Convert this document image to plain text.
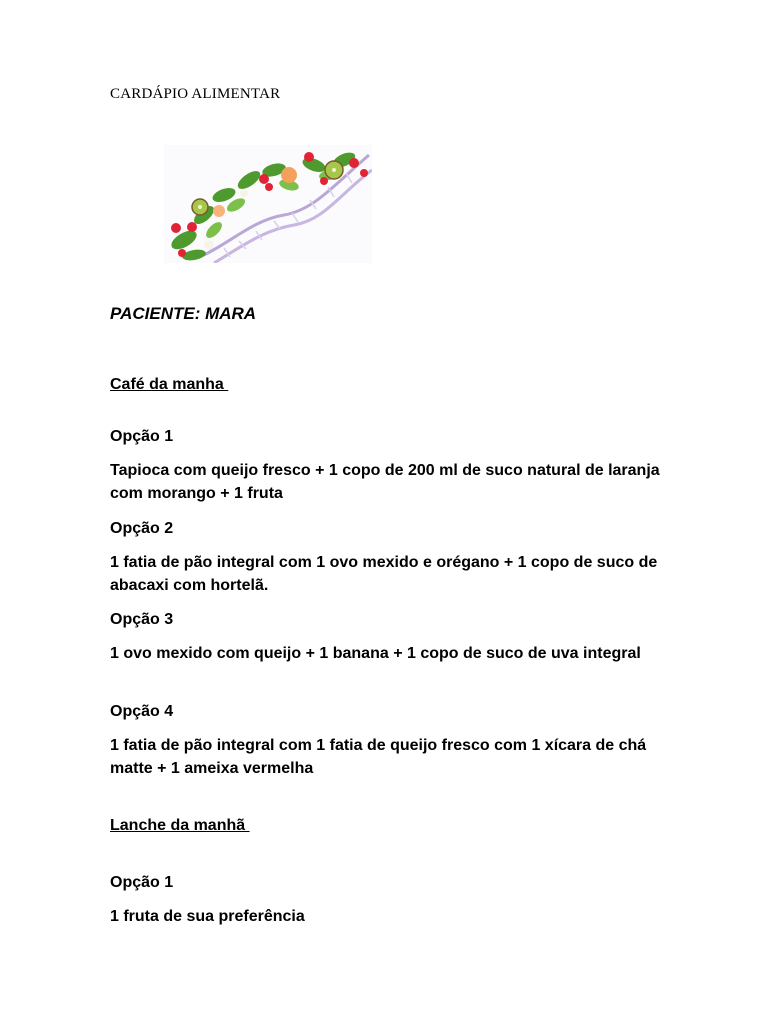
CARDÁPIO ALIMENTAR
PACIENTE: MARA
Café da manha
Opção 1
Tapioca com queijo fresco + 1 copo de 200 ml de suco natural de laranja com morango + 1 fruta
Opção 2
1 fatia de pão integral com 1 ovo mexido e orégano + 1 copo de suco de abacaxi com hortelã.
Opção 3
1 ovo mexido com queijo + 1 banana + 1 copo de suco de uva integral
Opção 4
1 fatia de pão integral com 1 fatia de queijo fresco com 1 xícara de chá matte + 1 ameixa vermelha
Lanche da manhã
Opção 1
1 fruta de sua preferência
